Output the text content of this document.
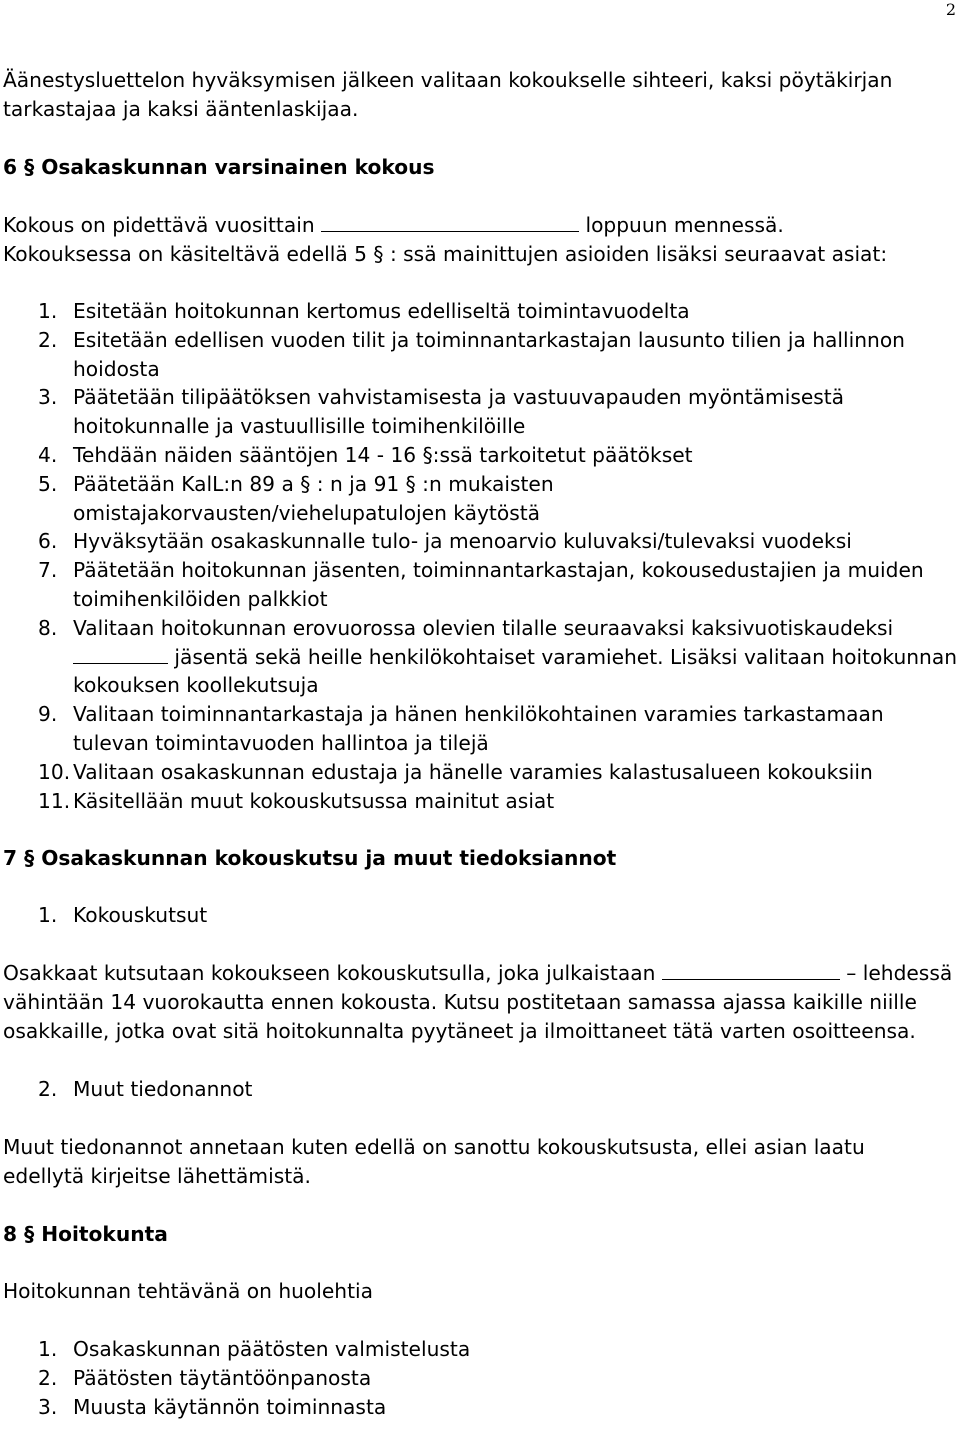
2

Äänestysluettelon hyväksymisen jälkeen valitaan kokoukselle sihteeri, kaksi pöytäkirjan tarkastajaa ja kaksi ääntenlaskijaa.

6 § Osakaskunnan varsinainen kokous

Kokous on pidettävä vuosittain	loppuun mennessä.

Kokouksessa on käsiteltävä edellä 5 § : ssä mainittujen asioiden lisäksi seuraavat asiat:

1. Esitetään hoitokunnan kertomus edelliseltä toimintavuodelta
2. Esitetään edellisen vuoden tilit ja toiminnantarkastajan lausunto tilien ja hallinnon hoidosta
3. Päätetään tilipäätöksen vahvistamisesta ja vastuuvapauden myöntämisestä hoitokunnalle ja vastuullisille toimihenkilöille
4. Tehdään näiden sääntöjen 14 - 16 §:ssä tarkoitetut päätökset
5. Päätetään KalL:n 89 a § : n ja 91 § :n mukaisten omistajakorvausten/viehelupatulojen käytöstä
6. Hyväksytään osakaskunnalle tulo- ja menoarvio kuluvaksi/tulevaksi vuodeksi
7. Päätetään hoitokunnan jäsenten, toiminnantarkastajan, kokousedustajien ja muiden toimihenkilöiden palkkiot
8. Valitaan hoitokunnan erovuorossa olevien tilalle seuraavaksi kaksivuotiskaudeksi
jäsentä sekä heille henkilökohtaiset varamiehet. Lisäksi valitaan hoitokunnan kokouksen koollekutsuja
9. Valitaan toiminnantarkastaja ja hänen henkilökohtainen varamies tarkastamaan tulevan toimintavuoden hallintoa ja tilejä
10. Valitaan osakaskunnan edustaja ja hänelle varamies kalastusalueen kokouksiin
11. Käsitellään muut kokouskutsussa mainitut asiat

7 § Osakaskunnan kokouskutsu ja muut tiedoksiannot

1. Kokouskutsut

Osakkaat kutsutaan kokoukseen kokouskutsulla, joka julkaistaan	– lehdessä vähintään 14 vuorokautta ennen kokousta. Kutsu postitetaan samassa ajassa kaikille niille osakkaille, jotka ovat sitä hoitokunnalta pyytäneet ja ilmoittaneet tätä varten osoitteensa.

2. Muut tiedonannot

Muut tiedonannot annetaan kuten edellä on sanottu kokouskutsusta, ellei asian laatu edellytä kirjeitse lähettämistä.

8 § Hoitokunta

Hoitokunnan tehtävänä on huolehtia

1. Osakaskunnan päätösten valmistelusta
2. Päätösten täytäntöönpanosta
3. Muusta käytännön toiminnasta
